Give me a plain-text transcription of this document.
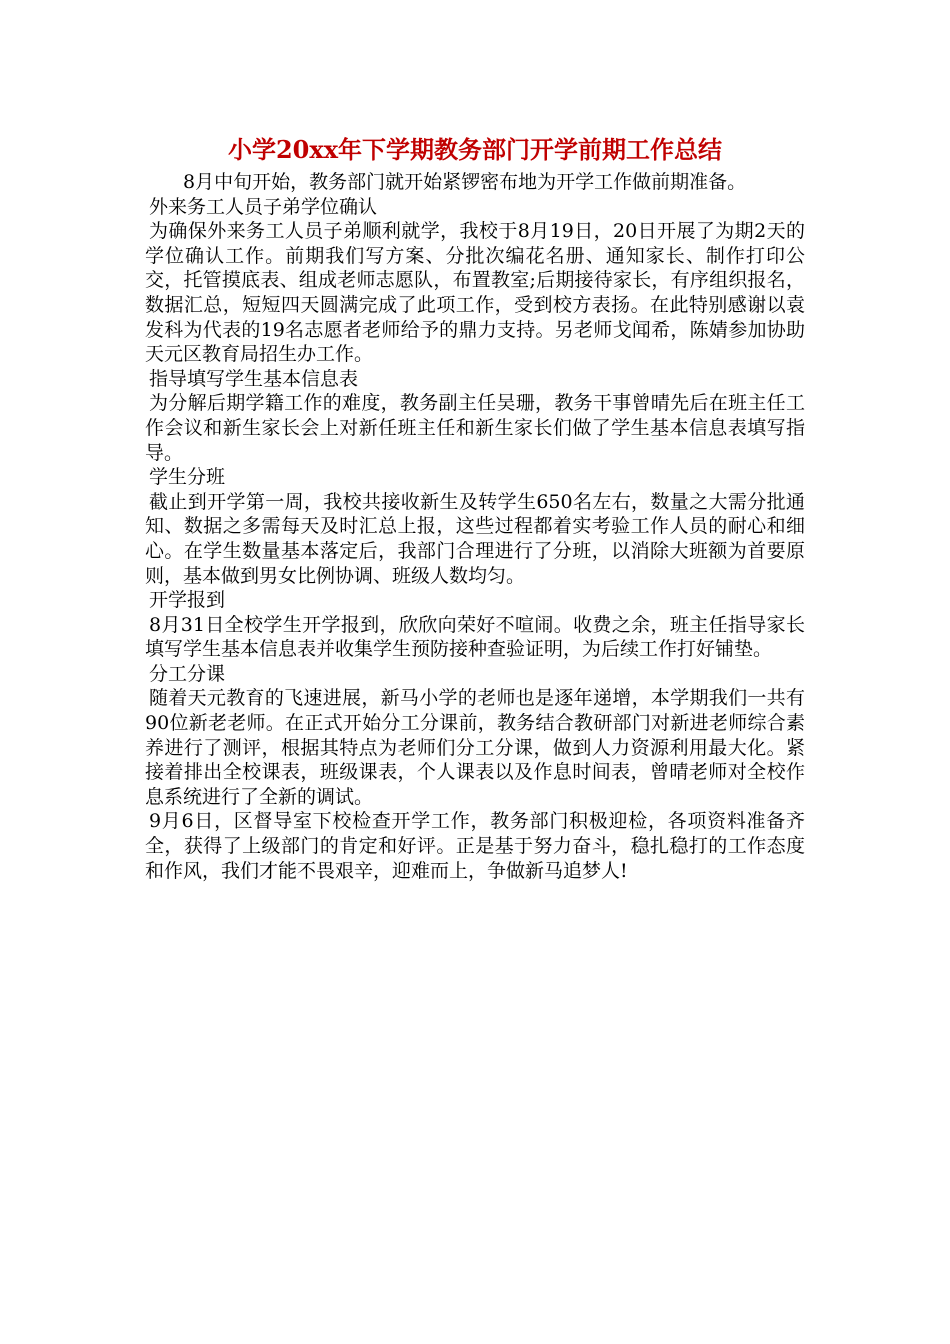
小学20xx年下学期教务部门开学前期工作总结

8月中旬开始，教务部门就开始紧锣密布地为开学工作做前期准备。

外来务工人员子弟学位确认

为确保外来务工人员子弟顺利就学，我校于8月19日，20日开展了为期2天的学位确认工作。前期我们写方案、分批次编花名册、通知家长、制作打印公交，托管摸底表、组成老师志愿队，布置教室;后期接待家长，有序组织报名，数据汇总，短短四天圆满完成了此项工作，受到校方表扬。在此特别感谢以袁发科为代表的19名志愿者老师给予的鼎力支持。另老师戈闻希，陈婧参加协助天元区教育局招生办工作。

指导填写学生基本信息表

为分解后期学籍工作的难度，教务副主任吴珊，教务干事曾晴先后在班主任工作会议和新生家长会上对新任班主任和新生家长们做了学生基本信息表填写指导。

学生分班

截止到开学第一周，我校共接收新生及转学生650名左右，数量之大需分批通知、数据之多需每天及时汇总上报，这些过程都着实考验工作人员的耐心和细心。在学生数量基本落定后，我部门合理进行了分班，以消除大班额为首要原则，基本做到男女比例协调、班级人数均匀。

开学报到

8月31日全校学生开学报到，欣欣向荣好不喧闹。收费之余，班主任指导家长填写学生基本信息表并收集学生预防接种查验证明，为后续工作打好铺垫。

分工分课

随着天元教育的飞速进展，新马小学的老师也是逐年递增，本学期我们一共有90位新老老师。在正式开始分工分课前，教务结合教研部门对新进老师综合素养进行了测评，根据其特点为老师们分工分课，做到人力资源利用最大化。紧接着排出全校课表，班级课表，个人课表以及作息时间表，曾晴老师对全校作息系统进行了全新的调试。

9月6日，区督导室下校检查开学工作，教务部门积极迎检，各项资料准备齐全，获得了上级部门的肯定和好评。正是基于努力奋斗，稳扎稳打的工作态度和作风，我们才能不畏艰辛，迎难而上，争做新马追梦人!
